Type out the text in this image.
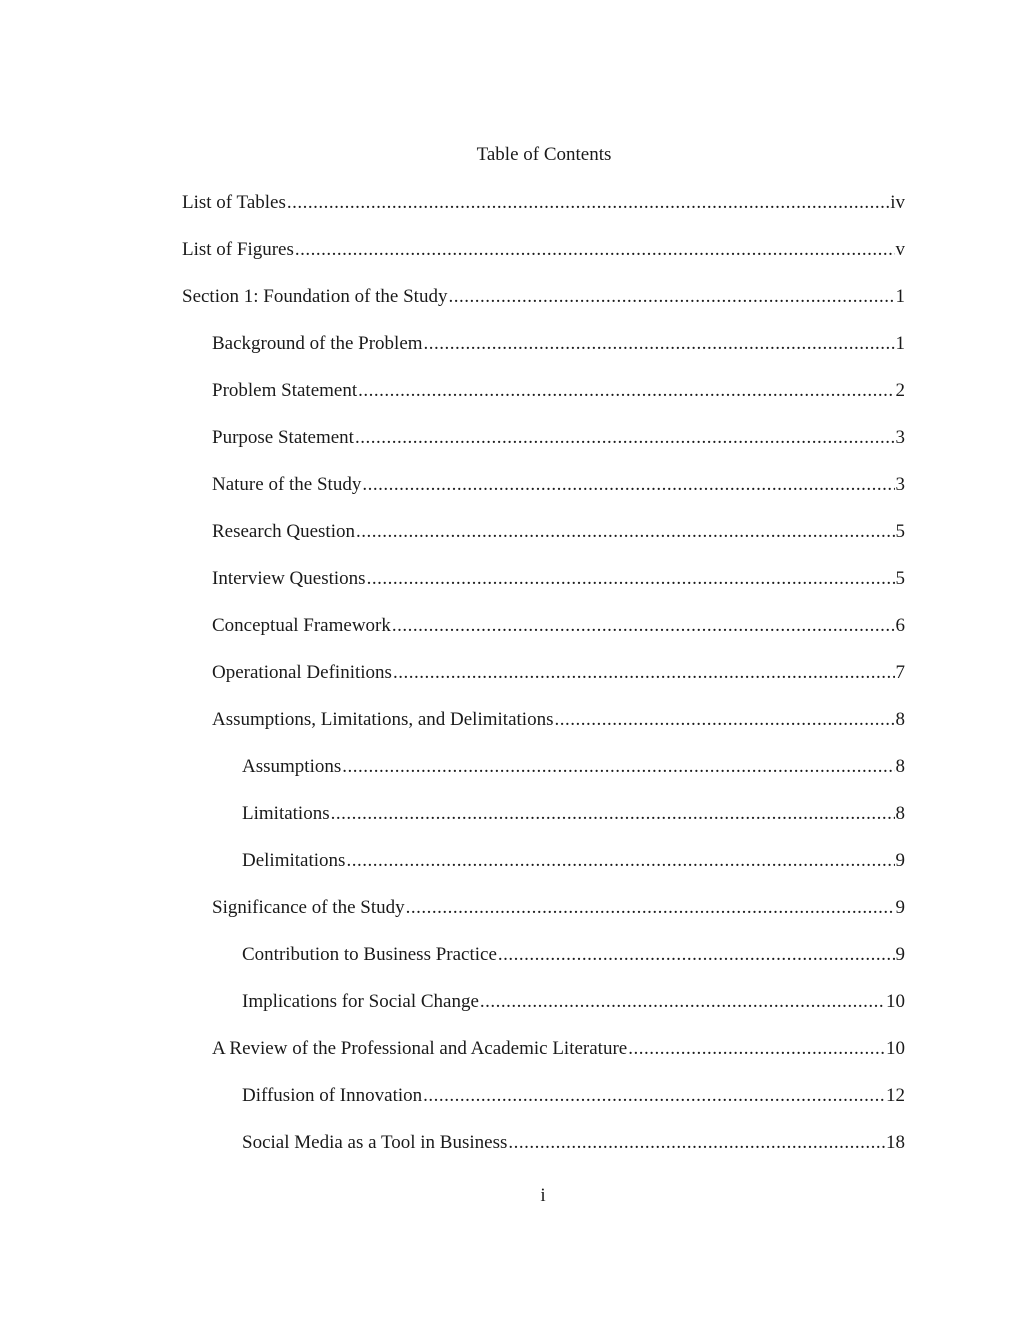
Table of Contents
List of Tables .....	iv
List of Figures .....	v
Section 1: Foundation of the Study .....	1
Background of the Problem .....	1
Problem Statement .....	2
Purpose Statement .....	3
Nature of the Study .....	3
Research Question .....	5
Interview Questions .....	5
Conceptual Framework .....	6
Operational Definitions .....	7
Assumptions, Limitations, and Delimitations .....	8
Assumptions .....	8
Limitations .....	8
Delimitations .....	9
Significance of the Study .....	9
Contribution to Business Practice .....	9
Implications for Social Change .....	10
A Review of the Professional and Academic Literature .....	10
Diffusion of Innovation .....	12
Social Media as a Tool in Business .....	18
i
